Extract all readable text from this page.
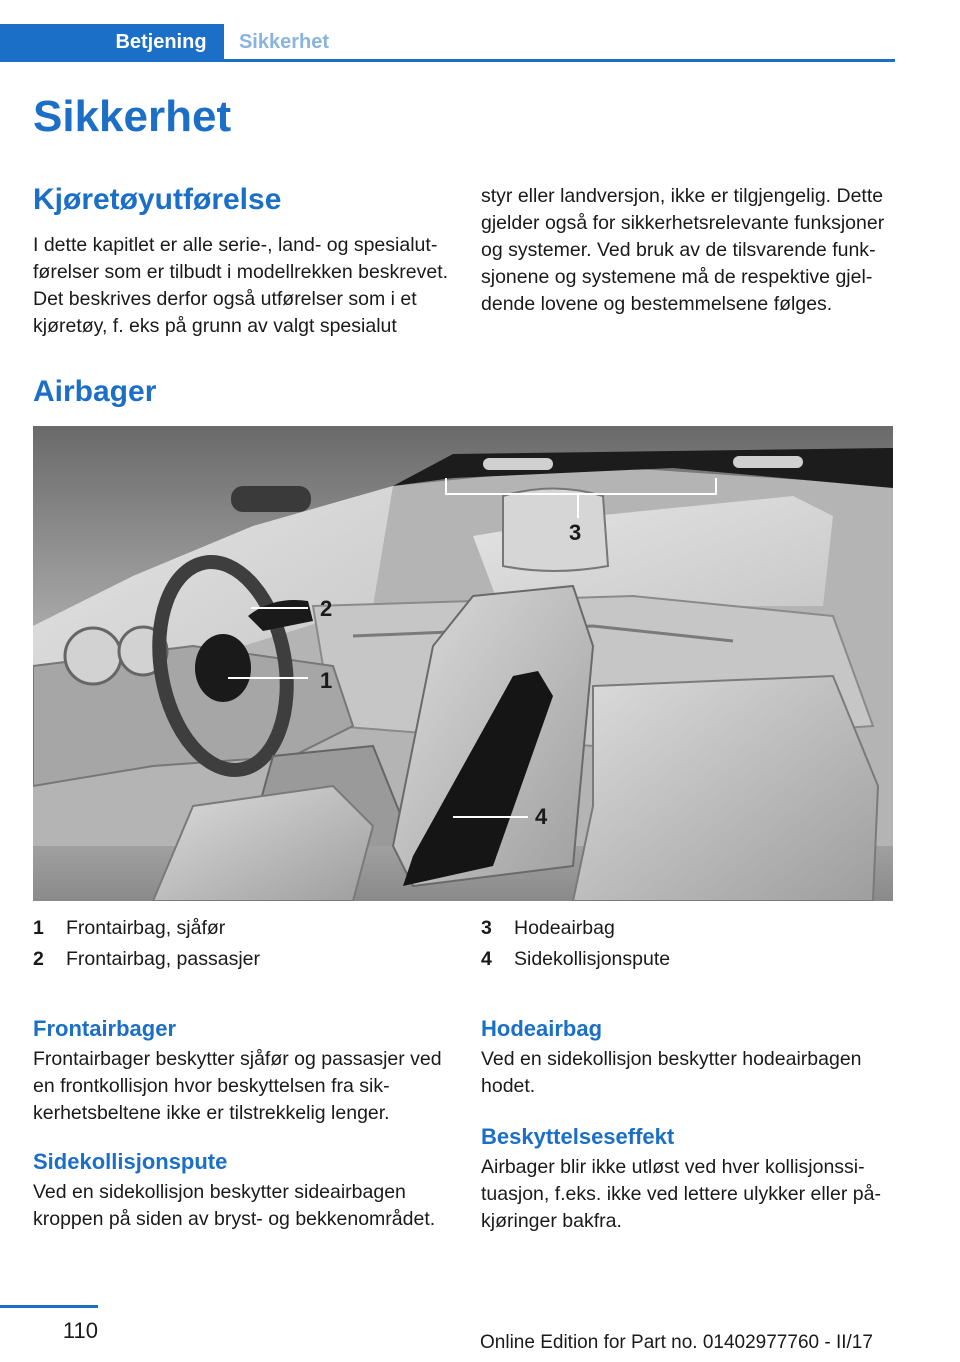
Betjening	Sikkerhet
Sikkerhet
Kjøretøyutførelse

I dette kapitlet er alle serie-, land- og spesialutførelser som er tilbudt i modellrekken beskrevet. Det beskrives derfor også utførelser som i et kjøretøy, f. eks på grunn av valgt spesialut

styr eller landversjon, ikke er tilgjengelig. Dette gjelder også for sikkerhetsrelevante funksjoner og systemer. Ved bruk av de tilsvarende funksjonene og systemene må de respektive gjeldende lovene og bestemmelsene følges.

Airbager
1
2
3
4
1	Frontairbag, sjåfør
2	Frontairbag, passasjer
3	Hodeairbag
4	Sidekollisjonspute
Frontairbager

Frontairbager beskytter sjåfør og passasjer ved en frontkollisjon hvor beskyttelsen fra sikkerhetsbeltene ikke er tilstrekkelig lenger.

Sidekollisjonspute

Ved en sidekollisjon beskytter sideairbagen kroppen på siden av bryst- og bekkenområdet.

Hodeairbag

Ved en sidekollisjon beskytter hodeairbagen hodet.

Beskyttelseseffekt

Airbager blir ikke utløst ved hver kollisjonssituasjon, f.eks. ikke ved lettere ulykker eller påkjøringer bakfra.

110	Online Edition for Part no. 01402977760 - II/17
